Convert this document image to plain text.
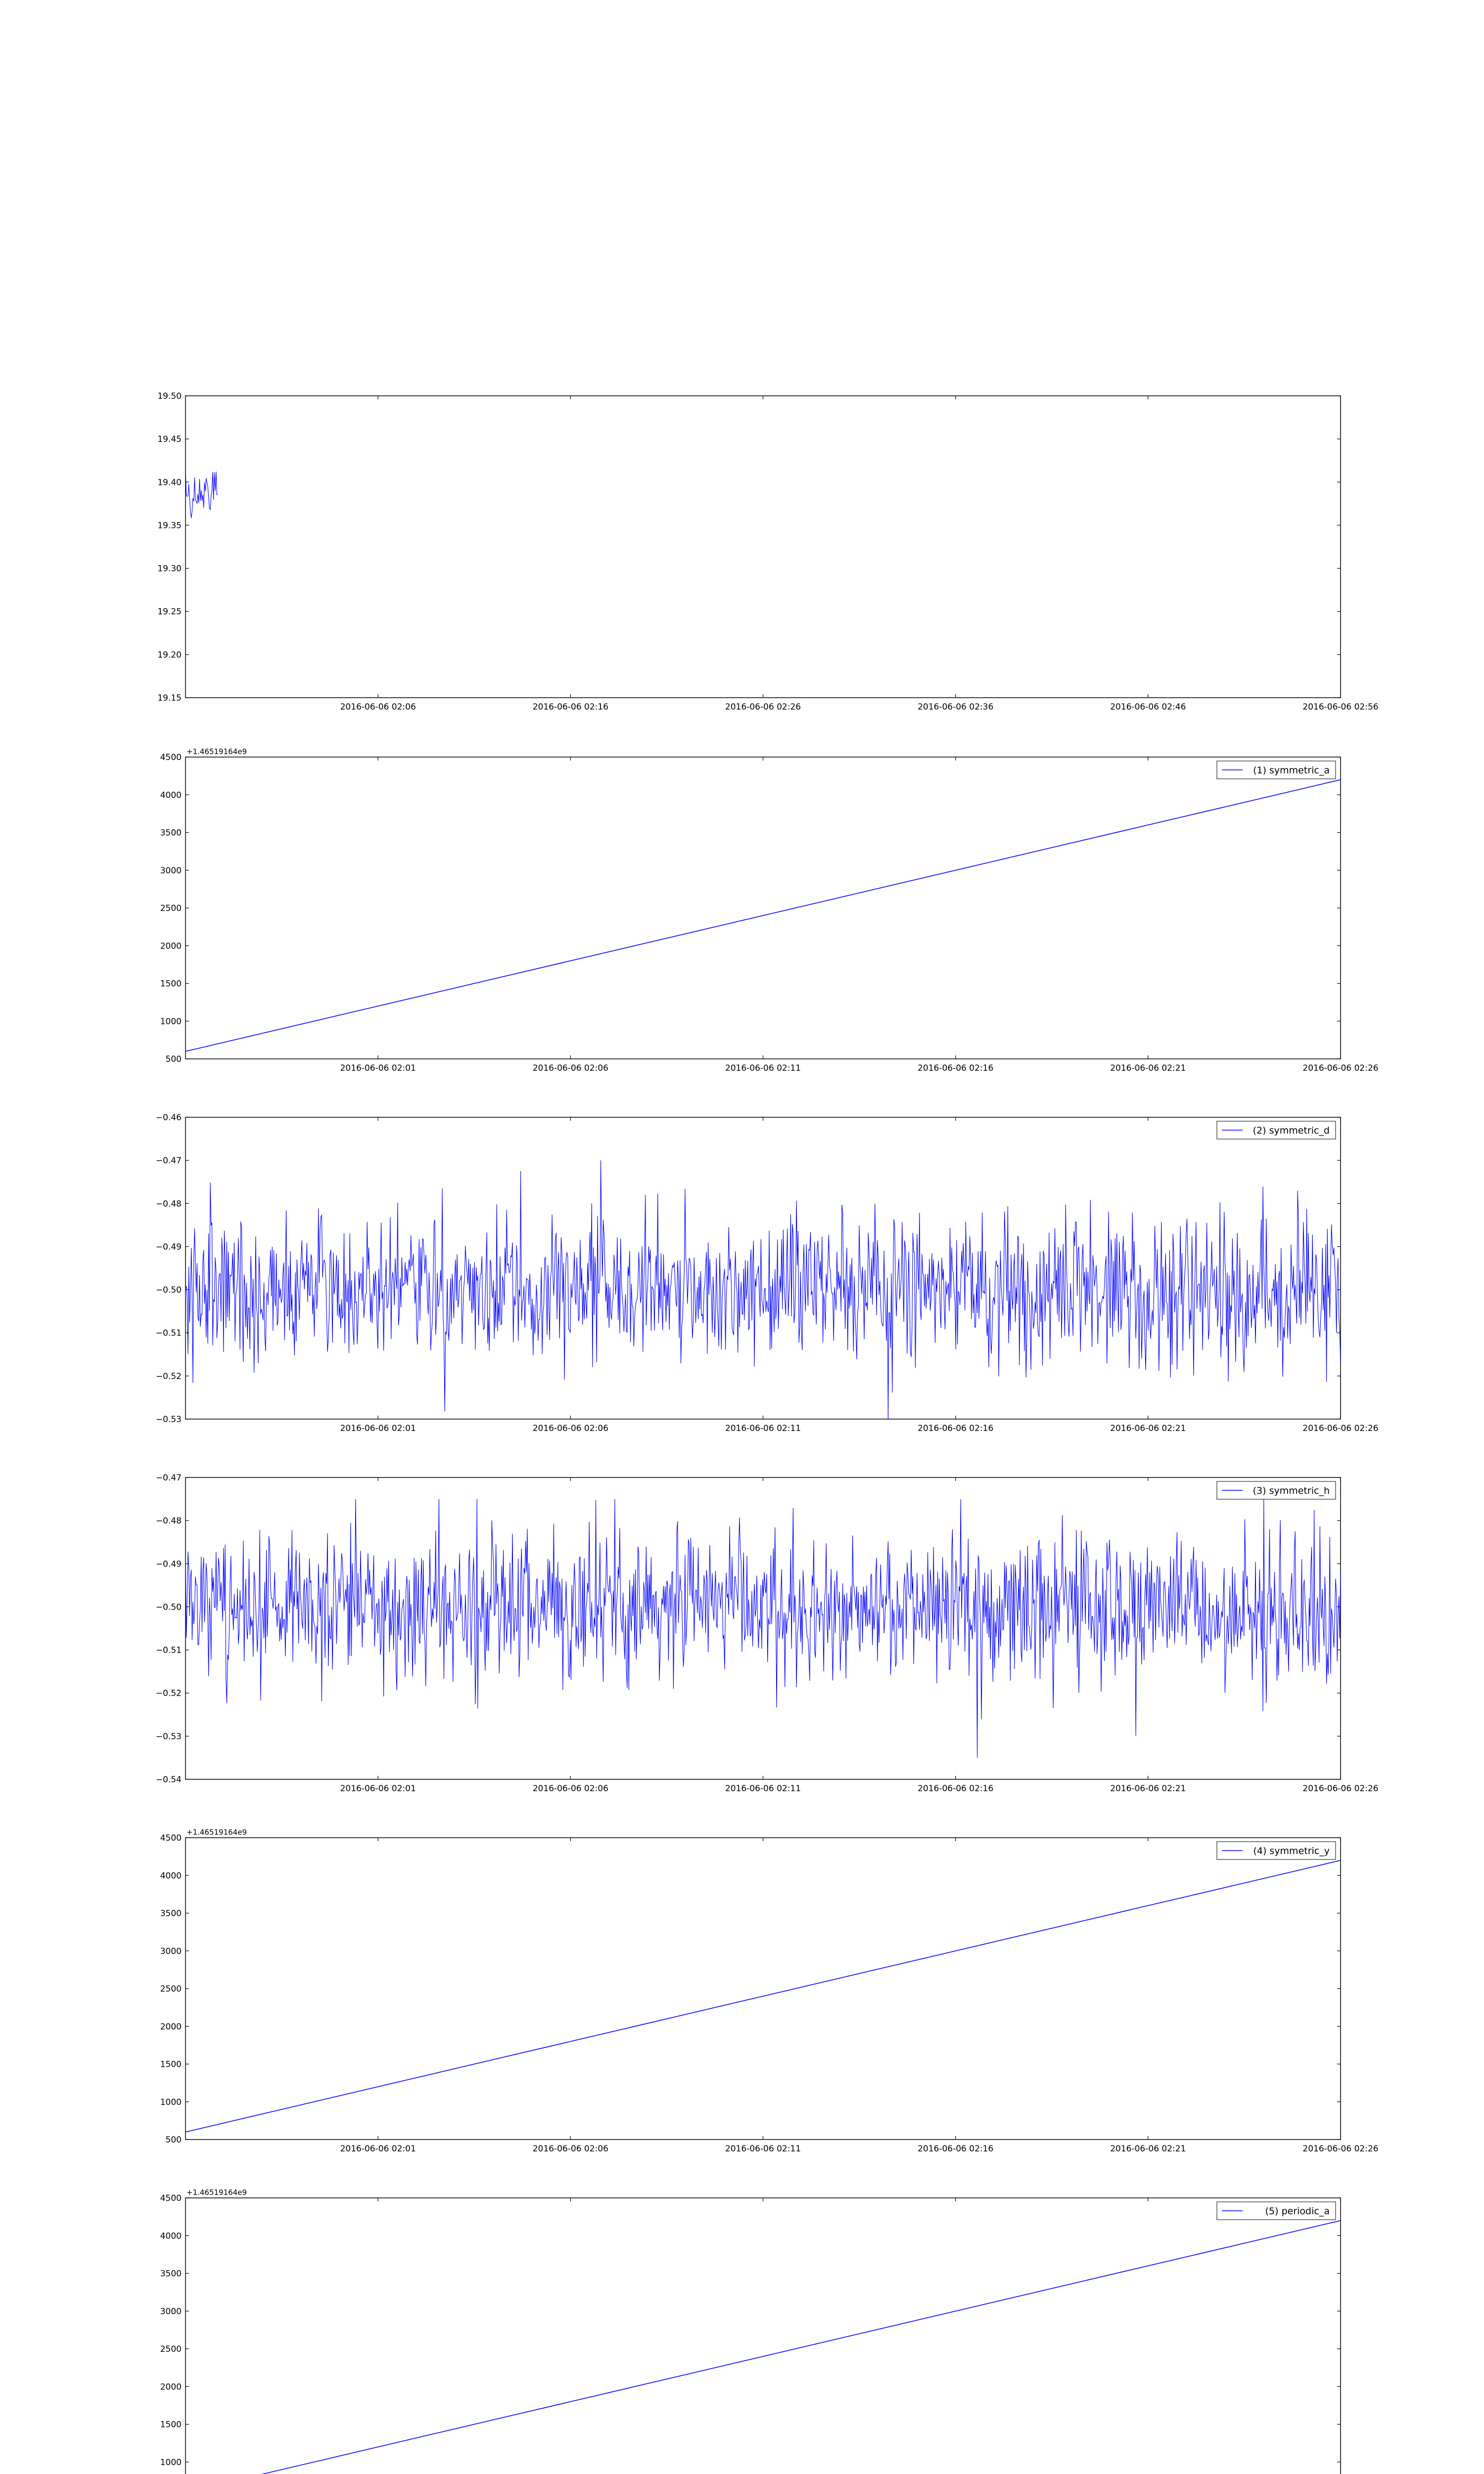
19.15
19.20
19.25
19.30
19.35
19.40
19.45
19.50
2016-06-06 02:06	2016-06-06 02:16	2016-06-06 02:26	2016-06-06 02:36	2016-06-06 02:46	2016-06-06 02:56
500
1000
1500
2000
2500
3000
3500
4000
4500
2016-06-06 02:01	2016-06-06 02:06	2016-06-06 02:11	2016-06-06 02:16	2016-06-06 02:21	2016-06-06 02:26
+1.46519164e9
(1) symmetric_a
−0.53
−0.52
−0.51
−0.50
−0.49
−0.48
−0.47
−0.46
2016-06-06 02:01	2016-06-06 02:06	2016-06-06 02:11	2016-06-06 02:16	2016-06-06 02:21	2016-06-06 02:26
(2) symmetric_d
−0.54
−0.53
−0.52
−0.51
−0.50
−0.49
−0.48
−0.47
2016-06-06 02:01	2016-06-06 02:06	2016-06-06 02:11	2016-06-06 02:16	2016-06-06 02:21	2016-06-06 02:26
(3) symmetric_h
500
1000
1500
2000
2500
3000
3500
4000
4500
2016-06-06 02:01	2016-06-06 02:06	2016-06-06 02:11	2016-06-06 02:16	2016-06-06 02:21	2016-06-06 02:26
+1.46519164e9
(4) symmetric_y
1000
1500
2000
2500
3000
3500
4000
4500
+1.46519164e9
(5) periodic_a
